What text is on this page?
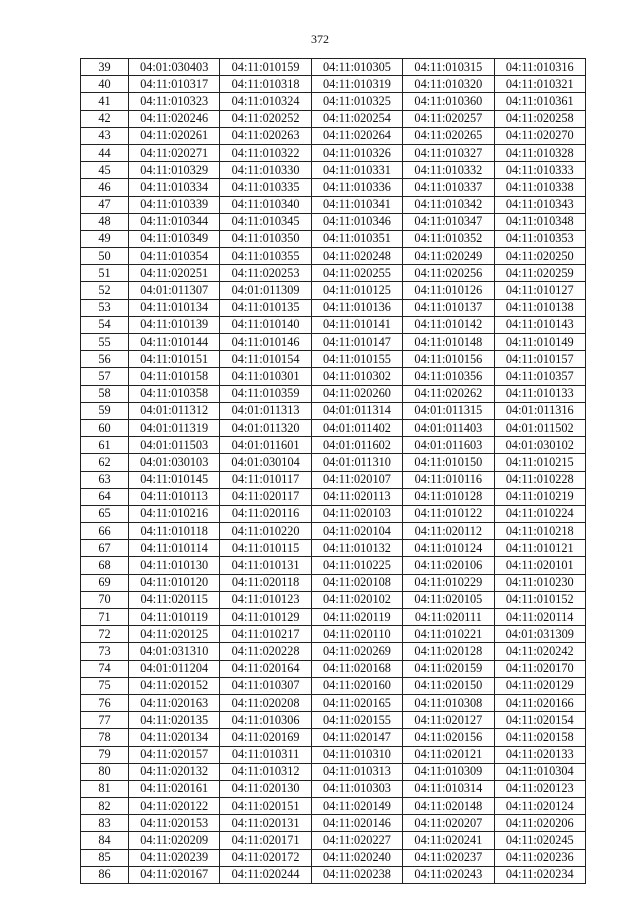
372
39	04:01:030403	04:11:010159	04:11:010305	04:11:010315	04:11:010316
40	04:11:010317	04:11:010318	04:11:010319	04:11:010320	04:11:010321
41	04:11:010323	04:11:010324	04:11:010325	04:11:010360	04:11:010361
42	04:11:020246	04:11:020252	04:11:020254	04:11:020257	04:11:020258
43	04:11:020261	04:11:020263	04:11:020264	04:11:020265	04:11:020270
44	04:11:020271	04:11:010322	04:11:010326	04:11:010327	04:11:010328
45	04:11:010329	04:11:010330	04:11:010331	04:11:010332	04:11:010333
46	04:11:010334	04:11:010335	04:11:010336	04:11:010337	04:11:010338
47	04:11:010339	04:11:010340	04:11:010341	04:11:010342	04:11:010343
48	04:11:010344	04:11:010345	04:11:010346	04:11:010347	04:11:010348
49	04:11:010349	04:11:010350	04:11:010351	04:11:010352	04:11:010353
50	04:11:010354	04:11:010355	04:11:020248	04:11:020249	04:11:020250
51	04:11:020251	04:11:020253	04:11:020255	04:11:020256	04:11:020259
52	04:01:011307	04:01:011309	04:11:010125	04:11:010126	04:11:010127
53	04:11:010134	04:11:010135	04:11:010136	04:11:010137	04:11:010138
54	04:11:010139	04:11:010140	04:11:010141	04:11:010142	04:11:010143
55	04:11:010144	04:11:010146	04:11:010147	04:11:010148	04:11:010149
56	04:11:010151	04:11:010154	04:11:010155	04:11:010156	04:11:010157
57	04:11:010158	04:11:010301	04:11:010302	04:11:010356	04:11:010357
58	04:11:010358	04:11:010359	04:11:020260	04:11:020262	04:11:010133
59	04:01:011312	04:01:011313	04:01:011314	04:01:011315	04:01:011316
60	04:01:011319	04:01:011320	04:01:011402	04:01:011403	04:01:011502
61	04:01:011503	04:01:011601	04:01:011602	04:01:011603	04:01:030102
62	04:01:030103	04:01:030104	04:01:011310	04:11:010150	04:11:010215
63	04:11:010145	04:11:010117	04:11:020107	04:11:010116	04:11:010228
64	04:11:010113	04:11:020117	04:11:020113	04:11:010128	04:11:010219
65	04:11:010216	04:11:020116	04:11:020103	04:11:010122	04:11:010224
66	04:11:010118	04:11:010220	04:11:020104	04:11:020112	04:11:010218
67	04:11:010114	04:11:010115	04:11:010132	04:11:010124	04:11:010121
68	04:11:010130	04:11:010131	04:11:010225	04:11:020106	04:11:020101
69	04:11:010120	04:11:020118	04:11:020108	04:11:010229	04:11:010230
70	04:11:020115	04:11:010123	04:11:020102	04:11:020105	04:11:010152
71	04:11:010119	04:11:010129	04:11:020119	04:11:020111	04:11:020114
72	04:11:020125	04:11:010217	04:11:020110	04:11:010221	04:01:031309
73	04:01:031310	04:11:020228	04:11:020269	04:11:020128	04:11:020242
74	04:01:011204	04:11:020164	04:11:020168	04:11:020159	04:11:020170
75	04:11:020152	04:11:010307	04:11:020160	04:11:020150	04:11:020129
76	04:11:020163	04:11:020208	04:11:020165	04:11:010308	04:11:020166
77	04:11:020135	04:11:010306	04:11:020155	04:11:020127	04:11:020154
78	04:11:020134	04:11:020169	04:11:020147	04:11:020156	04:11:020158
79	04:11:020157	04:11:010311	04:11:010310	04:11:020121	04:11:020133
80	04:11:020132	04:11:010312	04:11:010313	04:11:010309	04:11:010304
81	04:11:020161	04:11:020130	04:11:010303	04:11:010314	04:11:020123
82	04:11:020122	04:11:020151	04:11:020149	04:11:020148	04:11:020124
83	04:11:020153	04:11:020131	04:11:020146	04:11:020207	04:11:020206
84	04:11:020209	04:11:020171	04:11:020227	04:11:020241	04:11:020245
85	04:11:020239	04:11:020172	04:11:020240	04:11:020237	04:11:020236
86	04:11:020167	04:11:020244	04:11:020238	04:11:020243	04:11:020234
